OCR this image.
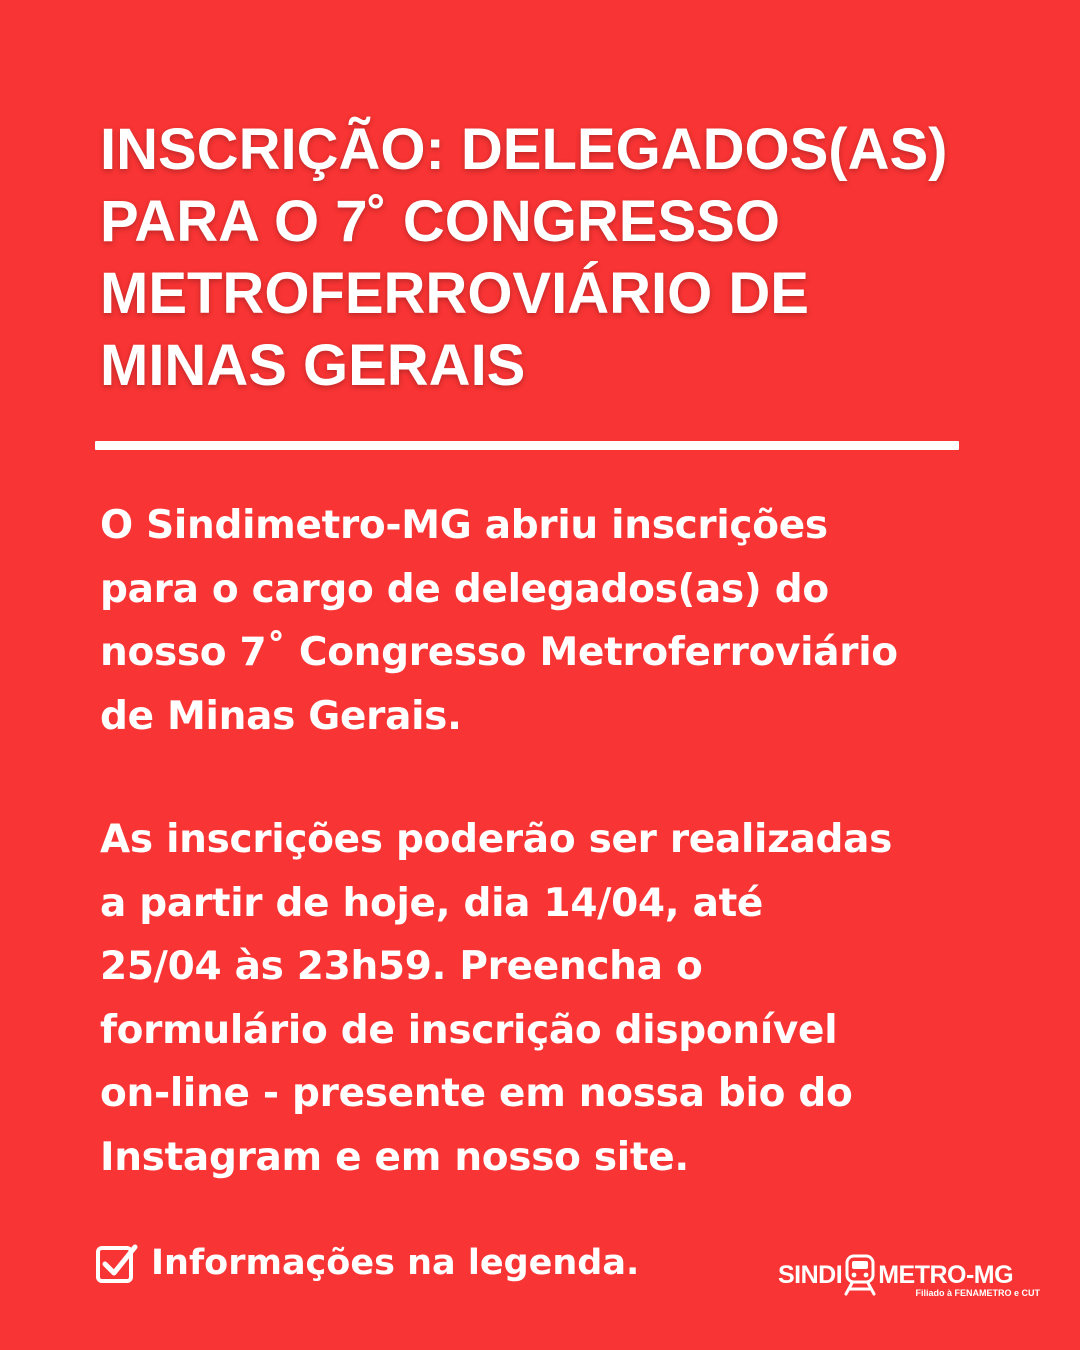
INSCRIÇÃO: DELEGADOS(AS)
PARA O 7˚ CONGRESSO
METROFERROVIÁRIO DE
MINAS GERAIS
O Sindimetro-MG abriu inscrições
para o cargo de delegados(as) do
nosso 7˚ Congresso Metroferroviário
de Minas Gerais.
As inscrições poderão ser realizadas
a partir de hoje, dia 14/04, até
25/04 às 23h59. Preencha o
formulário de inscrição disponível
on-line - presente em nossa bio do
Instagram e em nosso site.
Informações na legenda.	SINDI METRO-MG
Filiado à FENAMETRO e CUT
